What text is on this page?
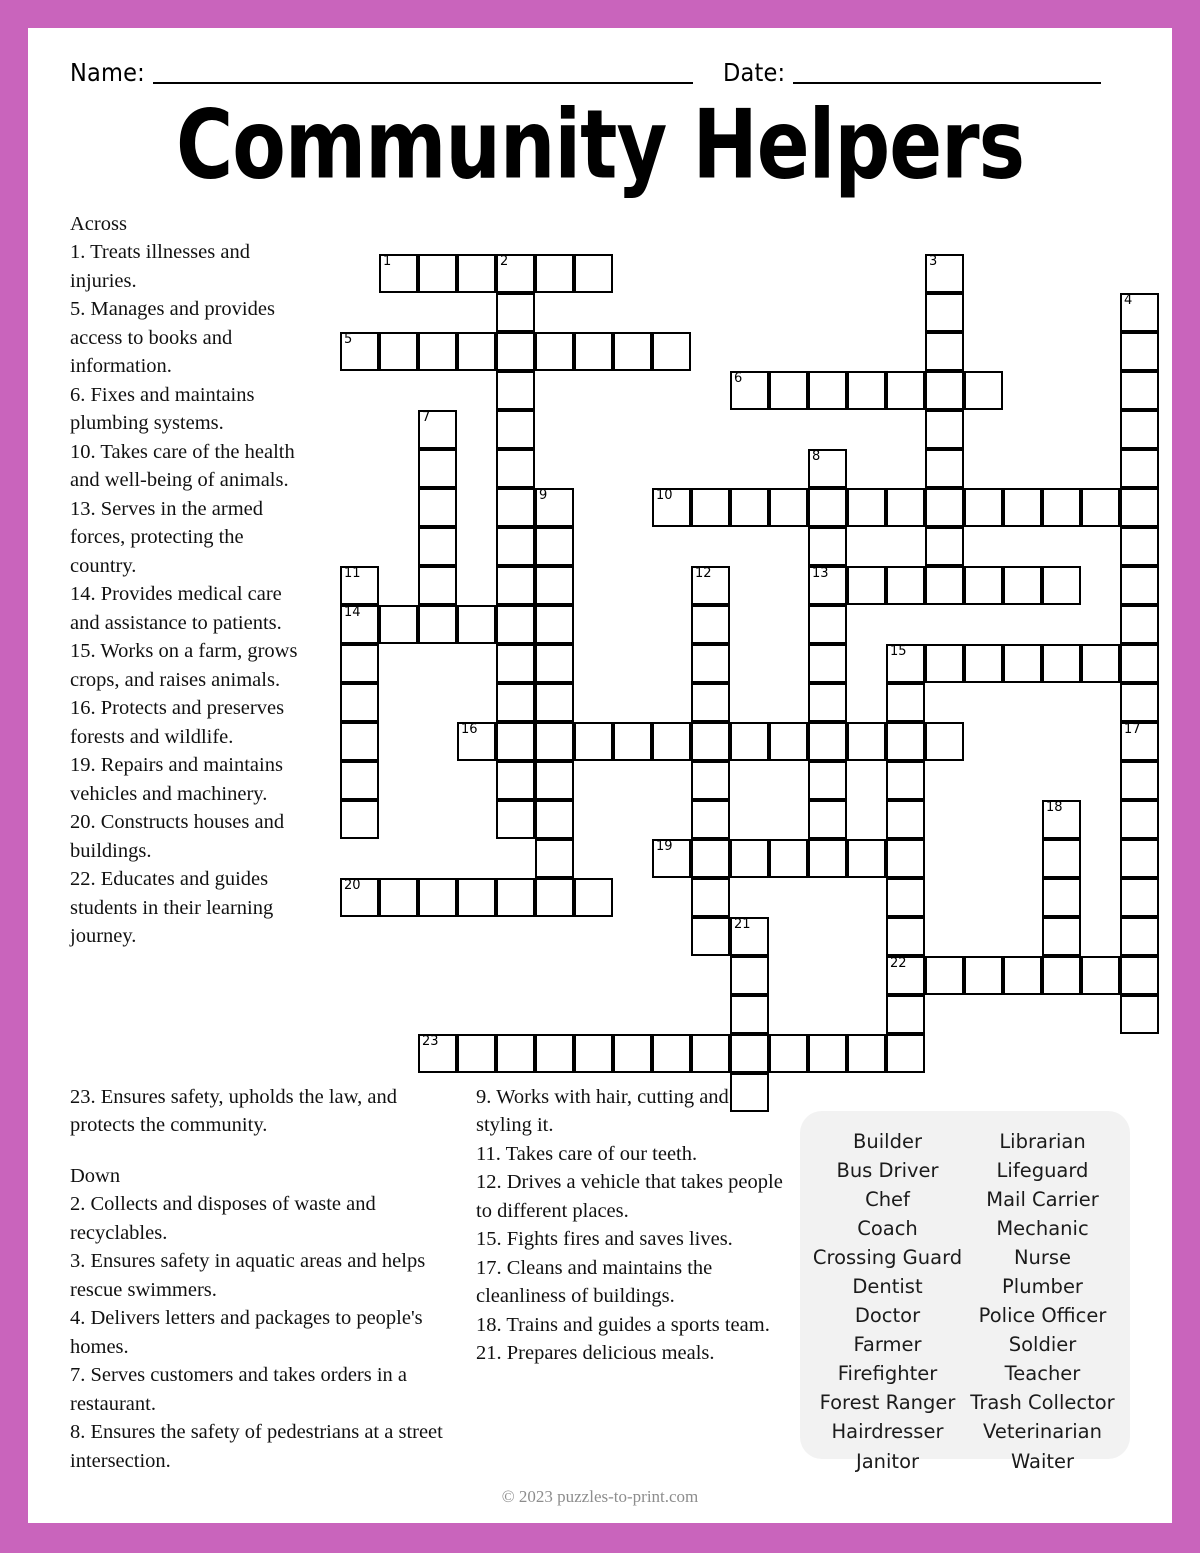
Name:	Date:
Community Helpers
Across
1. Treats illnesses and injuries.
5. Manages and provides access to books and information.
6. Fixes and maintains plumbing systems.
10. Takes care of the health and well-being of animals.
13. Serves in the armed forces, protecting the country.
14. Provides medical care and assistance to patients.
15. Works on a farm, grows crops, and raises animals.
16. Protects and preserves forests and wildlife.
19. Repairs and maintains vehicles and machinery.
20. Constructs houses and buildings.
22. Educates and guides students in their learning journey.
23. Ensures safety, upholds the law, and protects the community.
Down
2. Collects and disposes of waste and recyclables.
3. Ensures safety in aquatic areas and helps rescue swimmers.
4. Delivers letters and packages to people's homes.
7. Serves customers and takes orders in a restaurant.
8. Ensures the safety of pedestrians at a street intersection.
9. Works with hair, cutting and styling it.
11. Takes care of our teeth.
12. Drives a vehicle that takes people to different places.
15. Fights fires and saves lives.
17. Cleans and maintains the cleanliness of buildings.
18. Trains and guides a sports team.
21. Prepares delicious meals.
1	2	3
4
5
6
7
8
13
9	10
11
14
12
15
22
16	17
18
19
20
21
23
Builder
Bus Driver
Chef
Coach
Crossing Guard
Dentist
Doctor
Farmer
Firefighter
Forest Ranger
Hairdresser
Janitor
Librarian
Lifeguard
Mail Carrier
Mechanic
Nurse
Plumber
Police Officer
Soldier
Teacher
Trash Collector
Veterinarian
Waiter
© 2023 puzzles-to-print.com
